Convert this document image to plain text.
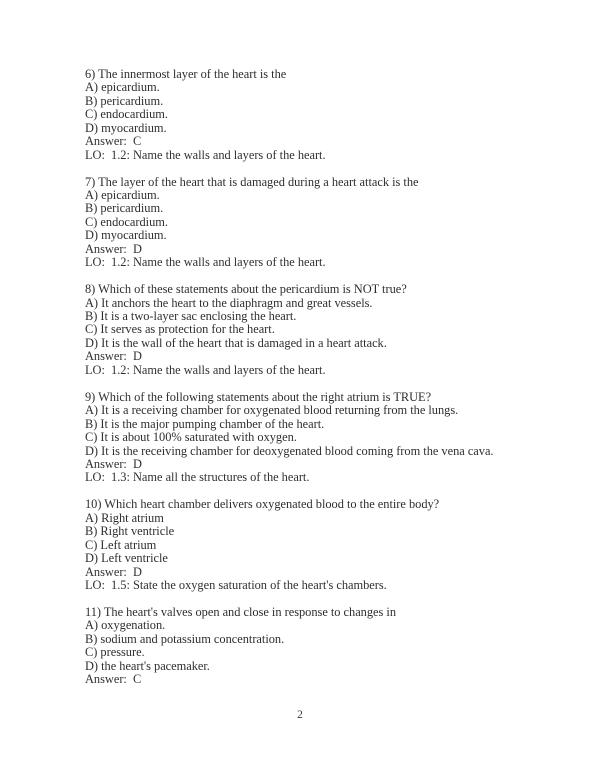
6) The innermost layer of the heart is the
A) epicardium.
B) pericardium.
C) endocardium.
D) myocardium.
Answer:  C
LO:  1.2: Name the walls and layers of the heart.
7) The layer of the heart that is damaged during a heart attack is the
A) epicardium.
B) pericardium.
C) endocardium.
D) myocardium.
Answer:  D
LO:  1.2: Name the walls and layers of the heart.
8) Which of these statements about the pericardium is NOT true?
A) It anchors the heart to the diaphragm and great vessels.
B) It is a two-layer sac enclosing the heart.
C) It serves as protection for the heart.
D) It is the wall of the heart that is damaged in a heart attack.
Answer:  D
LO:  1.2: Name the walls and layers of the heart.
9) Which of the following statements about the right atrium is TRUE?
A) It is a receiving chamber for oxygenated blood returning from the lungs.
B) It is the major pumping chamber of the heart.
C) It is about 100% saturated with oxygen.
D) It is the receiving chamber for deoxygenated blood coming from the vena cava.
Answer:  D
LO:  1.3: Name all the structures of the heart.
10) Which heart chamber delivers oxygenated blood to the entire body?
A) Right atrium
B) Right ventricle
C) Left atrium
D) Left ventricle
Answer:  D
LO:  1.5: State the oxygen saturation of the heart's chambers.
11) The heart's valves open and close in response to changes in
A) oxygenation.
B) sodium and potassium concentration.
C) pressure.
D) the heart's pacemaker.
Answer:  C
2
